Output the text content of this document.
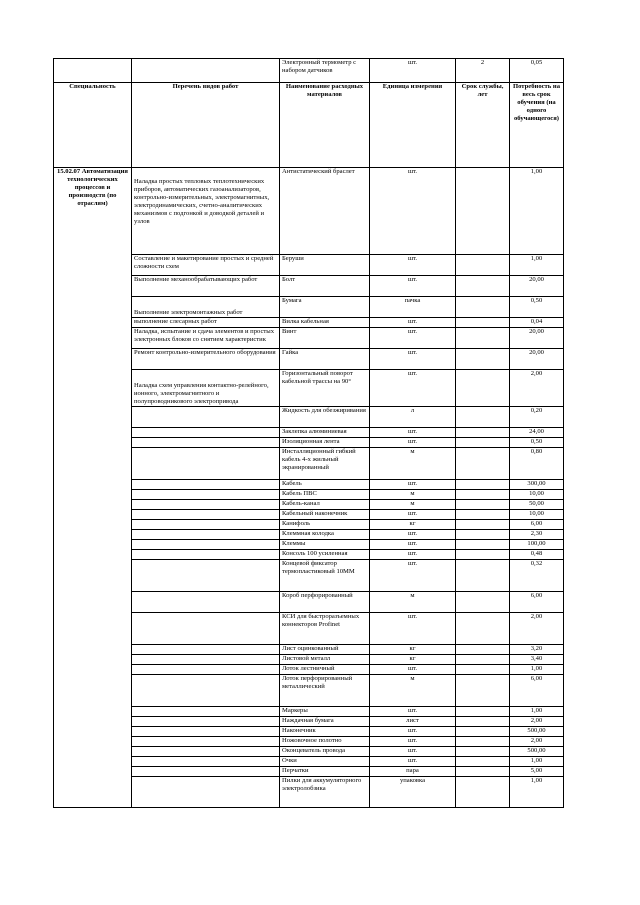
		Электронный термометр с набором датчиков	шт.	2	0,05
Специальность	Перечень видов работ	Наименование расходных материалов	Единица измерения	Срок службы, лет	Потребность на весь срок обучения (на одного обучающегося)
15.02.07 Автоматизация технологических процессов и производств (по отраслям)	Наладка простых тепловых теплотехнических приборов, автоматических газоанализаторов, контрольно-измерительных, электромагнитных, электродинамических, счетно-аналитических механизмов с подгонкой и доводкой деталей и узлов	Антистатический браслет	шт.		1,00
	Составление и макетирование простых и средней сложности схем	Беруши	шт.		1,00
	Выполнение механообрабатывающих работ	Болт	шт.		20,00
	Выполнение электромонтажных работ	Бумага	пачка		0,50
	выполнение слесарных работ	Вилка кабельная	шт.		0,04
	Наладка, испытание и сдача элементов и простых электронных блоков со снятием характеристик	Винт	шт.		20,00
	Ремонт контрольно-измерительного оборудования	Гайка	шт.		20,00
	Наладка схем управления контактно-релейного, ионного, электромагнитного и полупроводникового электропривода	Горизонтальный поворот кабельной трассы на 90°	шт.		2,00
		Жидкость для обезжиривания	л		0,20
		Заклепка алюминиевая	шт.		24,00
		Изоляционная лента	шт.		0,50
		Инсталляционный гибкий кабель 4-х жильный экранированный	м		0,80
		Кабель	шт.		300,00
		Кабель ПВС	м		10,00
		Кабель-канал	м		50,00
		Кабельный наконечник	шт.		10,00
		Канифоль	кг		6,00
		Клеммная колодка	шт.		2,30
		Клеммы	шт.		100,00
		Консоль 100 усиленная	шт.		0,48
		Концевой фиксатор термопластиковый 10ММ	шт.		0,32
		Короб перфорированный	м		6,00
		КСИ для быстроразъемных коннекторов Profinet	шт.		2,00
		Лист оцинкованный	кг		3,20
		Листовой металл	кг		3,40
		Лоток лестничный	шт.		1,00
		Лоток перфорированный металлический	м		6,00
		Маркеры	шт.		1,00
		Наждачная бумага	лист		2,00
		Наконечник	шт.		500,00
		Ножовочное полотно	шт.		2,00
		Оконцеватель провода	шт.		500,00
		Очки	шт.		1,00
		Перчатки	пара		5,00
		Пилки для аккумуляторного электролобзика	упаковка		1,00
